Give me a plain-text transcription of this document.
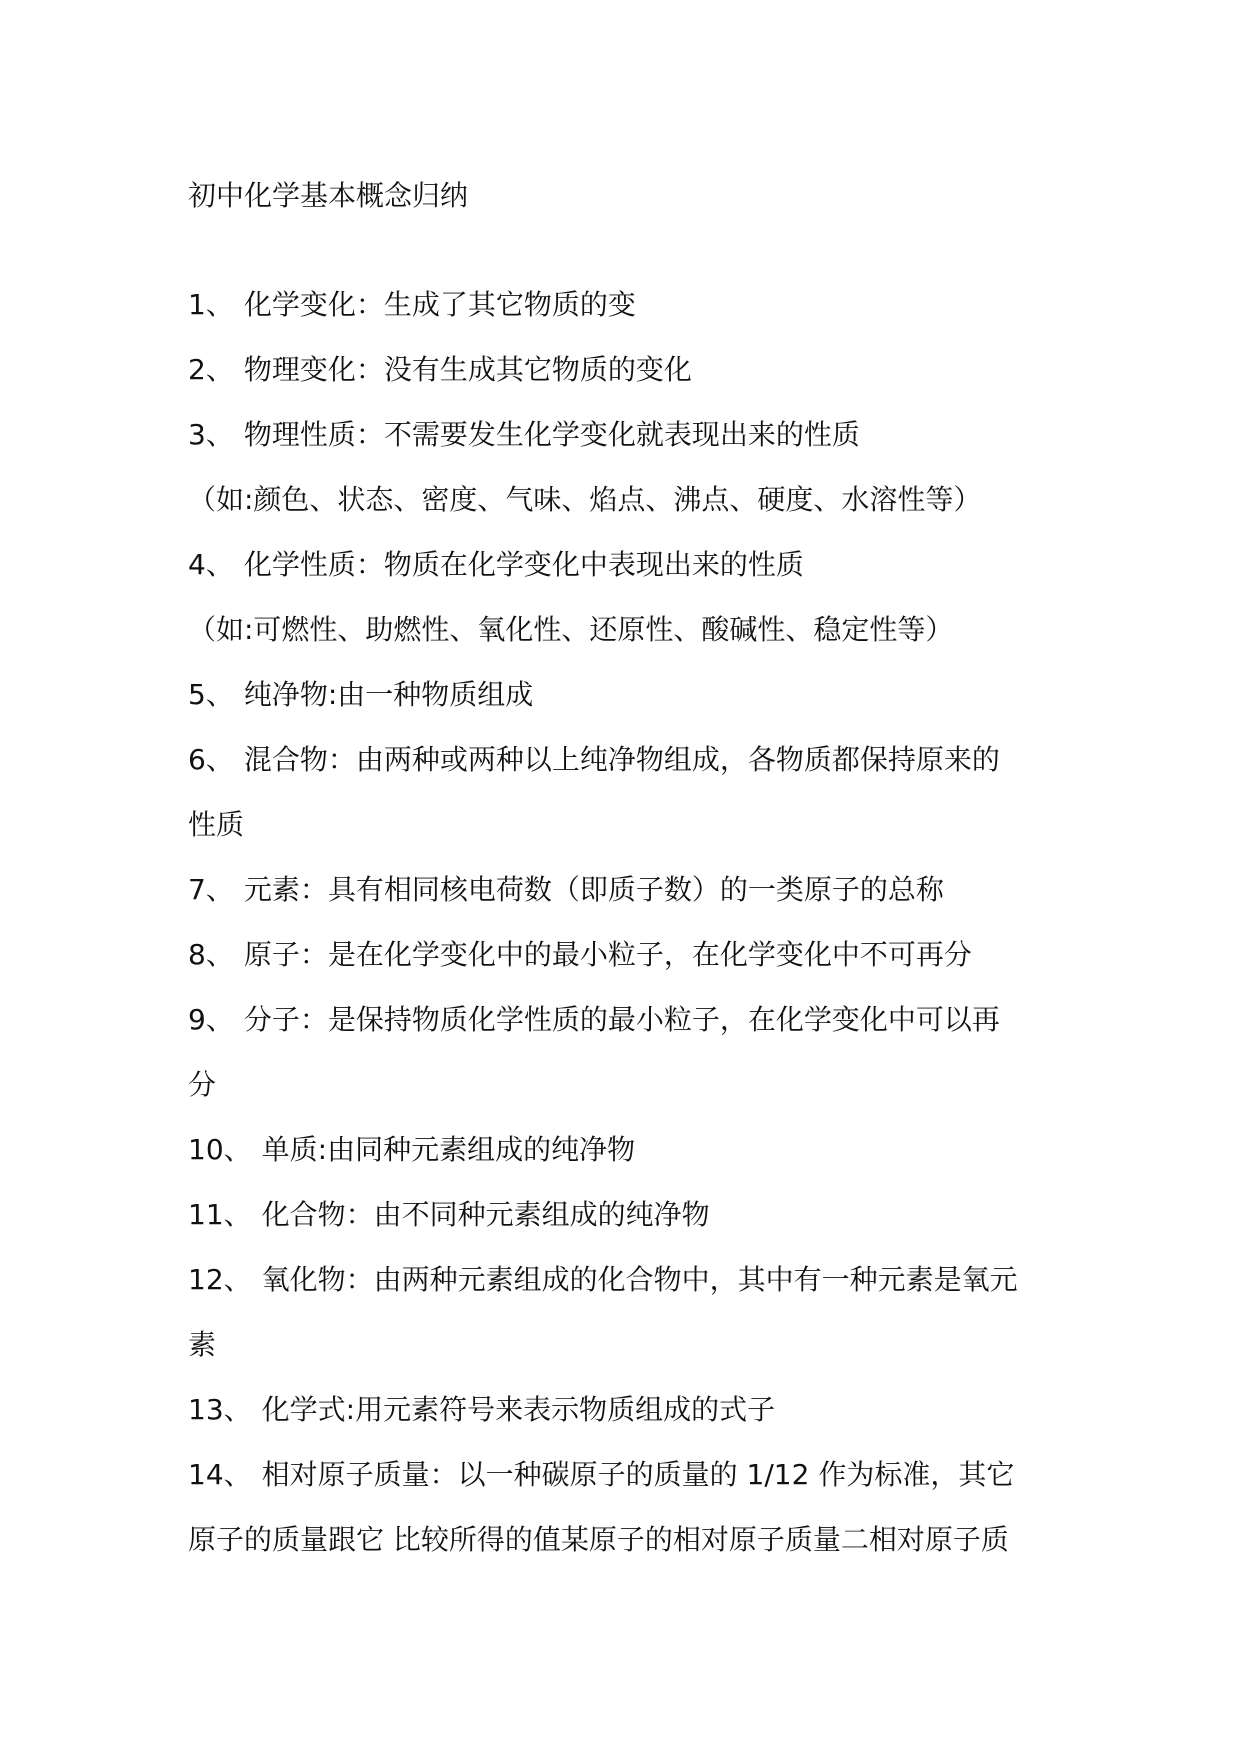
初中化学基本概念归纳
1、 化学变化：生成了其它物质的变
2、 物理变化：没有生成其它物质的变化
3、 物理性质：不需要发生化学变化就表现出来的性质
（如:颜色、状态、密度、气味、焰点、沸点、硬度、水溶性等）
4、 化学性质：物质在化学变化中表现出来的性质
（如:可燃性、助燃性、氧化性、还原性、酸碱性、稳定性等）
5、 纯净物:由一种物质组成
6、 混合物：由两种或两种以上纯净物组成，各物质都保持原来的
性质
7、 元素：具有相同核电荷数（即质子数）的一类原子的总称
8、 原子：是在化学变化中的最小粒子，在化学变化中不可再分
9、 分子：是保持物质化学性质的最小粒子，在化学变化中可以再
分
10、 单质:由同种元素组成的纯净物
11、 化合物：由不同种元素组成的纯净物
12、 氧化物：由两种元素组成的化合物中，其中有一种元素是氧元
素
13、 化学式:用元素符号来表示物质组成的式子
14、 相对原子质量：以一种碳原子的质量的 1/12 作为标准，其它
原子的质量跟它 比较所得的值某原子的相对原子质量二相对原子质
